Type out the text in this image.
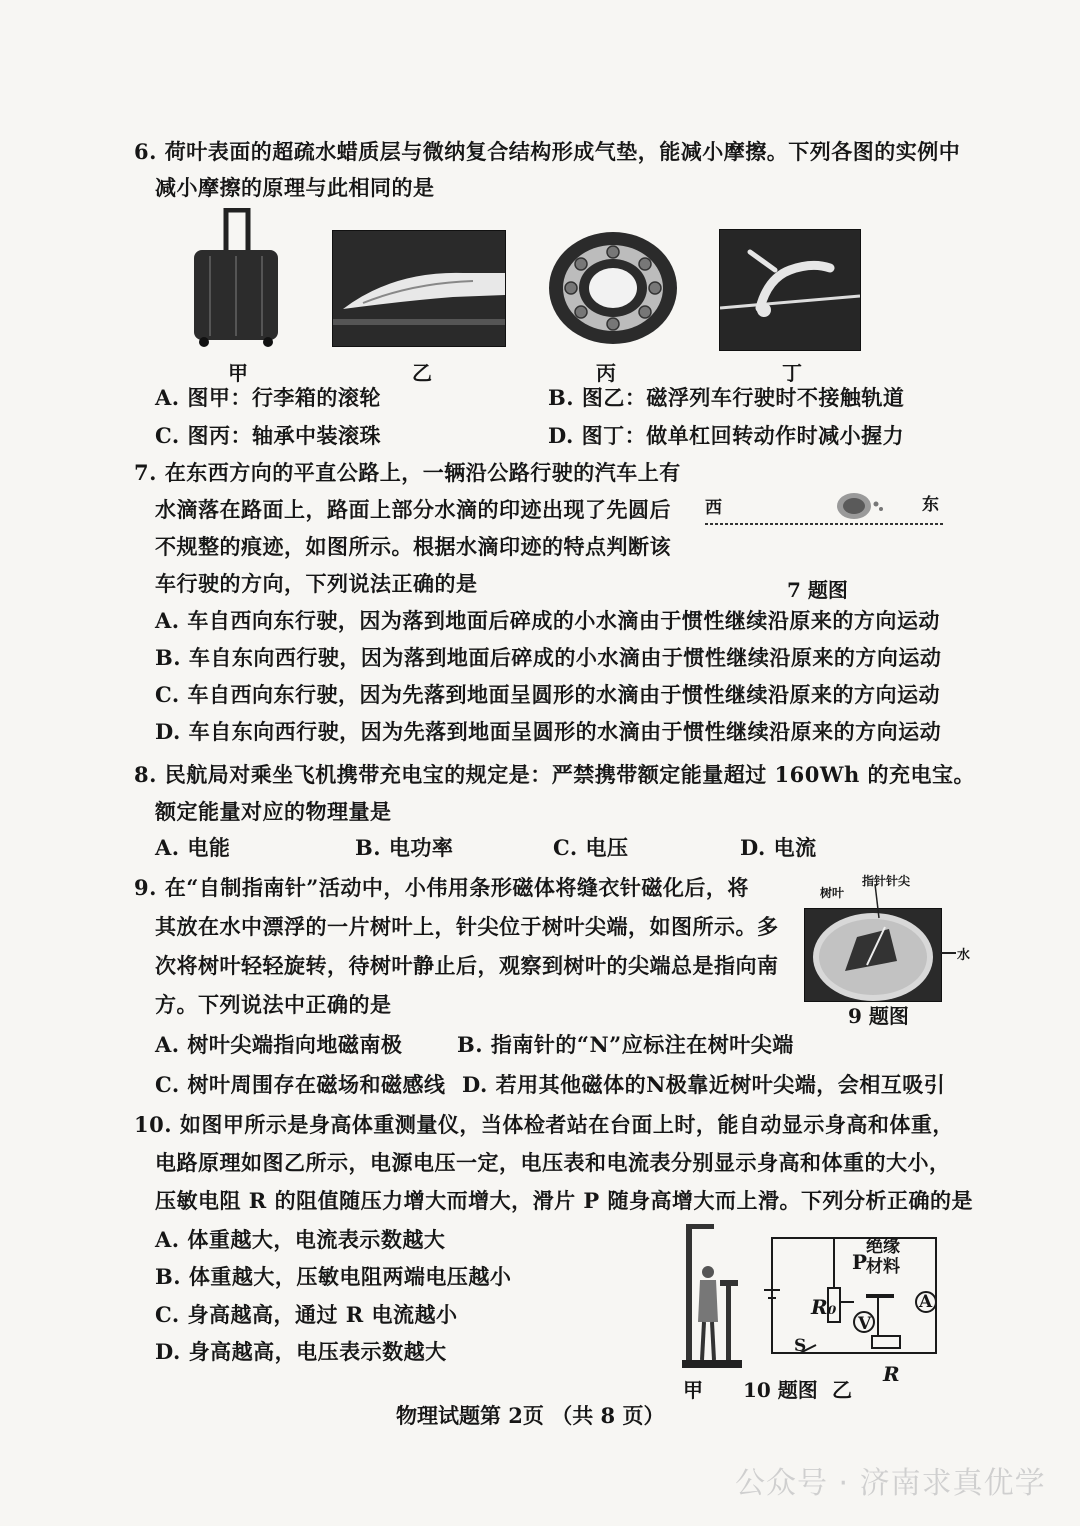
6. 荷叶表面的超疏水蜡质层与微纳复合结构形成气垫，能减小摩擦。下列各图的实例中
减小摩擦的原理与此相同的是
甲	乙	丙	丁
A. 图甲：行李箱的滚轮	B. 图乙：磁浮列车行驶时不接触轨道
C. 图丙：轴承中装滚珠	D. 图丁：做单杠回转动作时减小握力
7. 在东西方向的平直公路上，一辆沿公路行驶的汽车上有
水滴落在路面上，路面上部分水滴的印迹出现了先圆后
不规整的痕迹，如图所示。根据水滴印迹的特点判断该
车行驶的方向，下列说法正确的是
西	东
7 题图
A. 车自西向东行驶，因为落到地面后碎成的小水滴由于惯性继续沿原来的方向运动
B. 车自东向西行驶，因为落到地面后碎成的小水滴由于惯性继续沿原来的方向运动
C. 车自西向东行驶，因为先落到地面呈圆形的水滴由于惯性继续沿原来的方向运动
D. 车自东向西行驶，因为先落到地面呈圆形的水滴由于惯性继续沿原来的方向运动
8. 民航局对乘坐飞机携带充电宝的规定是：严禁携带额定能量超过 160Wh 的充电宝。
额定能量对应的物理量是
A. 电能	B. 电功率	C. 电压	D. 电流
9. 在“自制指南针”活动中，小伟用条形磁体将缝衣针磁化后，将
其放在水中漂浮的一片树叶上，针尖位于树叶尖端，如图所示。多
次将树叶轻轻旋转，待树叶静止后，观察到树叶的尖端总是指向南
方。下列说法中正确的是
指针针尖
树叶
水
9 题图
A. 树叶尖端指向地磁南极	B. 指南针的“N”应标注在树叶尖端
C. 树叶周围存在磁场和磁感线 D. 若用其他磁体的N极靠近树叶尖端，会相互吸引
10. 如图甲所示是身高体重测量仪，当体检者站在台面上时，能自动显示身高和体重，
电路原理如图乙所示，电源电压一定，电压表和电流表分别显示身高和体重的大小，
压敏电阻 R 的阻值随压力增大而增大，滑片 P 随身高增大而上滑。下列分析正确的是
A. 体重越大，电流表示数越大
B. 体重越大，压敏电阻两端电压越小
C. 身高越高，通过 R 电流越小
D. 身高越高，电压表示数越大
甲
绝缘
材料
P
R₀	A
V
S
R
10 题图 乙
物理试题第 2页 （共 8 页）
公众号 · 济南求真优学
